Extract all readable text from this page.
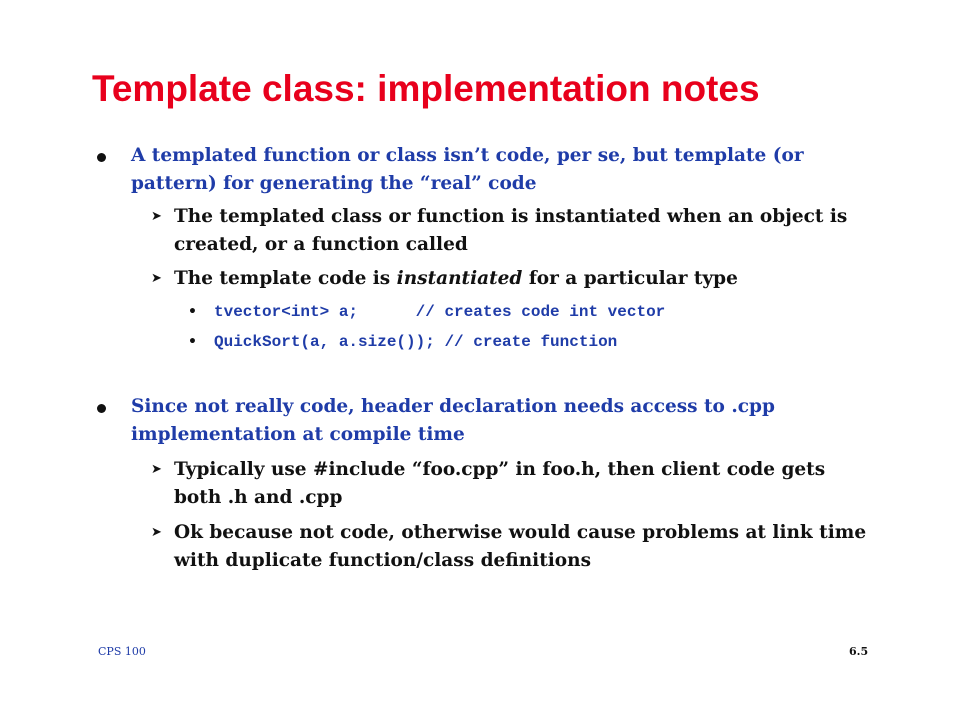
Template class: implementation notes
A templated function or class isn’t code, per se, but template (or pattern) for generating the “real” code
➤ The templated class or function is instantiated when an object is created, or a function called
➤ The template code is instantiated for a particular type
• tvector<int> a;      // creates code int vector
• QuickSort(a, a.size()); // create function
Since not really code, header declaration needs access to .cpp implementation at compile time
➤ Typically use #include “foo.cpp” in foo.h, then client code gets both .h and .cpp
➤ Ok because not code, otherwise would cause problems at link time with duplicate function/class definitions
CPS 100	6.5
